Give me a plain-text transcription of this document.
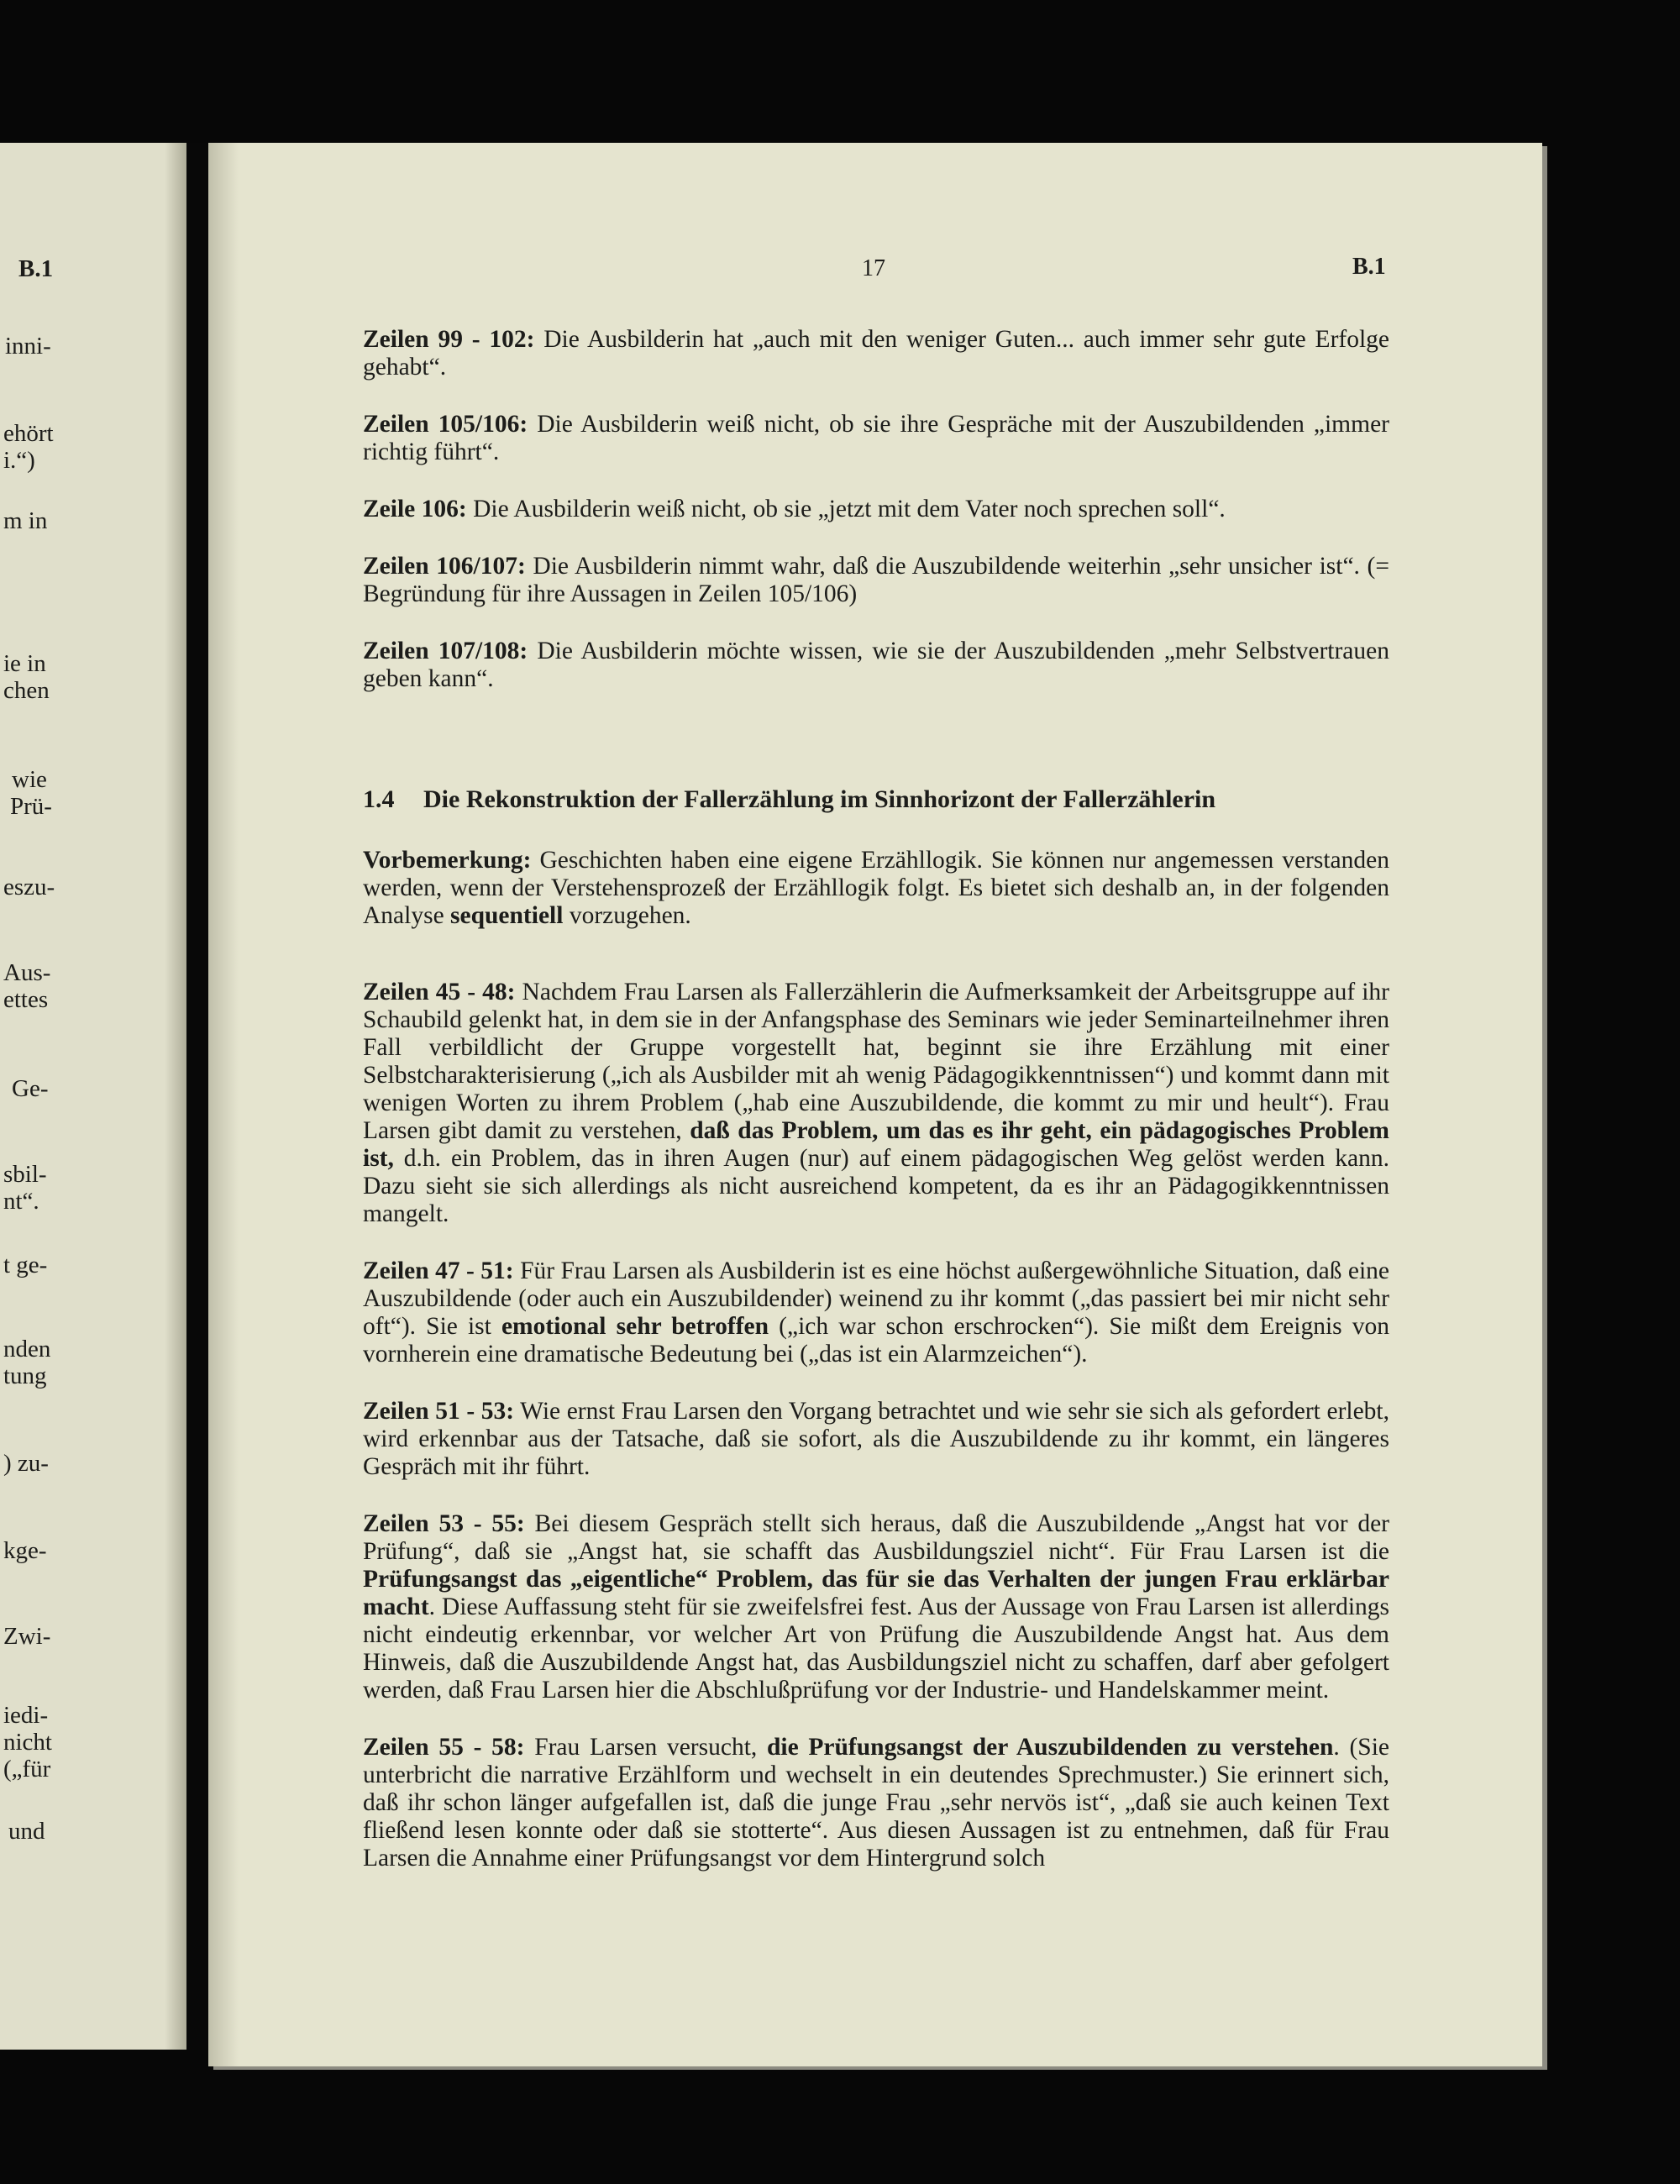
B.1
inni-
ehört
i.“)
m in
ie in
chen
wie
Prü-
eszu-
Aus-
ettes
Ge-
sbil-
nt“.
t ge-
nden
tung
) zu-
kge-
Zwi-
iedi-
nicht
(„für
und
17	B.1

Zeilen 99 - 102: Die Ausbilderin hat „auch mit den weniger Guten... auch immer sehr gute Erfolge gehabt“.

Zeilen 105/106: Die Ausbilderin weiß nicht, ob sie ihre Gespräche mit der Auszubildenden „immer richtig führt“.

Zeile 106: Die Ausbilderin weiß nicht, ob sie „jetzt mit dem Vater noch sprechen soll“.

Zeilen 106/107: Die Ausbilderin nimmt wahr, daß die Auszubildende weiterhin „sehr unsicher ist“. (= Begründung für ihre Aussagen in Zeilen 105/106)

Zeilen 107/108: Die Ausbilderin möchte wissen, wie sie der Auszubildenden „mehr Selbstvertrauen geben kann“.

1.4 Die Rekonstruktion der Fallerzählung im Sinnhorizont der Fallerzählerin

Vorbemerkung: Geschichten haben eine eigene Erzähllogik. Sie können nur angemessen verstanden werden, wenn der Verstehensprozeß der Erzähllogik folgt. Es bietet sich deshalb an, in der folgenden Analyse sequentiell vorzugehen.

Zeilen 45 - 48: Nachdem Frau Larsen als Fallerzählerin die Aufmerksamkeit der Arbeitsgruppe auf ihr Schaubild gelenkt hat, in dem sie in der Anfangsphase des Seminars wie jeder Seminarteilnehmer ihren Fall verbildlicht der Gruppe vorgestellt hat, beginnt sie ihre Erzählung mit einer Selbstcharakterisierung („ich als Ausbilder mit ah wenig Pädagogikkenntnissen“) und kommt dann mit wenigen Worten zu ihrem Problem („hab eine Auszubildende, die kommt zu mir und heult“). Frau Larsen gibt damit zu verstehen, daß das Problem, um das es ihr geht, ein pädagogisches Problem ist, d.h. ein Problem, das in ihren Augen (nur) auf einem pädagogischen Weg gelöst werden kann. Dazu sieht sie sich allerdings als nicht ausreichend kompetent, da es ihr an Pädagogikkenntnissen mangelt.

Zeilen 47 - 51: Für Frau Larsen als Ausbilderin ist es eine höchst außergewöhnliche Situation, daß eine Auszubildende (oder auch ein Auszubildender) weinend zu ihr kommt („das passiert bei mir nicht sehr oft“). Sie ist emotional sehr betroffen („ich war schon erschrocken“). Sie mißt dem Ereignis von vornherein eine dramatische Bedeutung bei („das ist ein Alarmzeichen“).

Zeilen 51 - 53: Wie ernst Frau Larsen den Vorgang betrachtet und wie sehr sie sich als gefordert erlebt, wird erkennbar aus der Tatsache, daß sie sofort, als die Auszubildende zu ihr kommt, ein längeres Gespräch mit ihr führt.

Zeilen 53 - 55: Bei diesem Gespräch stellt sich heraus, daß die Auszubildende „Angst hat vor der Prüfung“, daß sie „Angst hat, sie schafft das Ausbildungsziel nicht“. Für Frau Larsen ist die Prüfungsangst das „eigentliche“ Problem, das für sie das Verhalten der jungen Frau erklärbar macht. Diese Auffassung steht für sie zweifelsfrei fest. Aus der Aussage von Frau Larsen ist allerdings nicht eindeutig erkennbar, vor welcher Art von Prüfung die Auszubildende Angst hat. Aus dem Hinweis, daß die Auszubildende Angst hat, das Ausbildungsziel nicht zu schaffen, darf aber gefolgert werden, daß Frau Larsen hier die Abschlußprüfung vor der Industrie- und Handelskammer meint.

Zeilen 55 - 58: Frau Larsen versucht, die Prüfungsangst der Auszubildenden zu verstehen. (Sie unterbricht die narrative Erzählform und wechselt in ein deutendes Sprechmuster.) Sie erinnert sich, daß ihr schon länger aufgefallen ist, daß die junge Frau „sehr nervös ist“, „daß sie auch keinen Text fließend lesen konnte oder daß sie stotterte“. Aus diesen Aussagen ist zu entnehmen, daß für Frau Larsen die Annahme einer Prüfungsangst vor dem Hintergrund solch
